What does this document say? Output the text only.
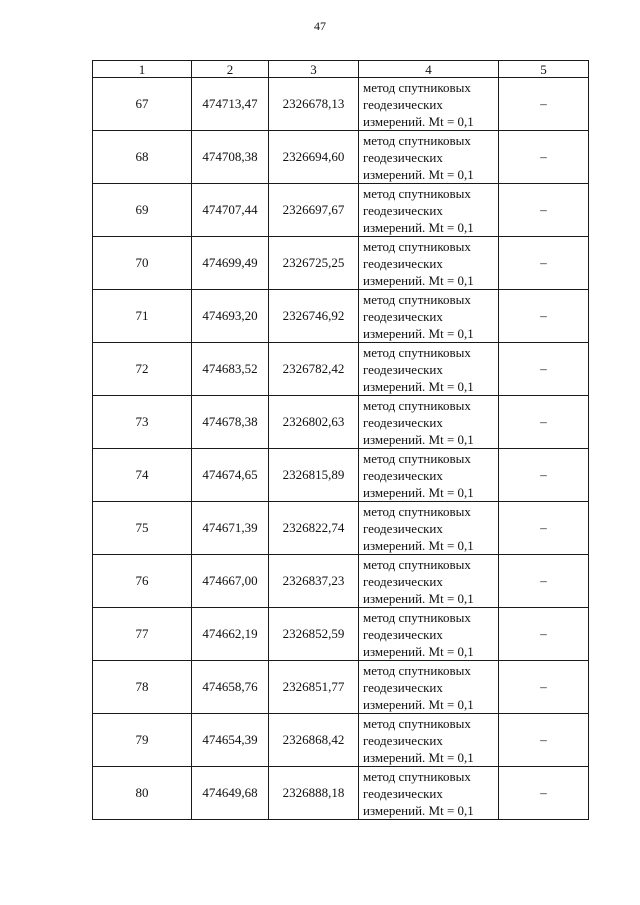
47
1	2	3	4	5
67	474713,47	2326678,13	метод спутниковых
геодезических
измерений. Mt = 0,1	–
68	474708,38	2326694,60	метод спутниковых
геодезических
измерений. Mt = 0,1	–
69	474707,44	2326697,67	метод спутниковых
геодезических
измерений. Mt = 0,1	–
70	474699,49	2326725,25	метод спутниковых
геодезических
измерений. Mt = 0,1	–
71	474693,20	2326746,92	метод спутниковых
геодезических
измерений. Mt = 0,1	–
72	474683,52	2326782,42	метод спутниковых
геодезических
измерений. Mt = 0,1	–
73	474678,38	2326802,63	метод спутниковых
геодезических
измерений. Mt = 0,1	–
74	474674,65	2326815,89	метод спутниковых
геодезических
измерений. Mt = 0,1	–
75	474671,39	2326822,74	метод спутниковых
геодезических
измерений. Mt = 0,1	–
76	474667,00	2326837,23	метод спутниковых
геодезических
измерений. Mt = 0,1	–
77	474662,19	2326852,59	метод спутниковых
геодезических
измерений. Mt = 0,1	–
78	474658,76	2326851,77	метод спутниковых
геодезических
измерений. Mt = 0,1	–
79	474654,39	2326868,42	метод спутниковых
геодезических
измерений. Mt = 0,1	–
80	474649,68	2326888,18	метод спутниковых
геодезических
измерений. Mt = 0,1	–
